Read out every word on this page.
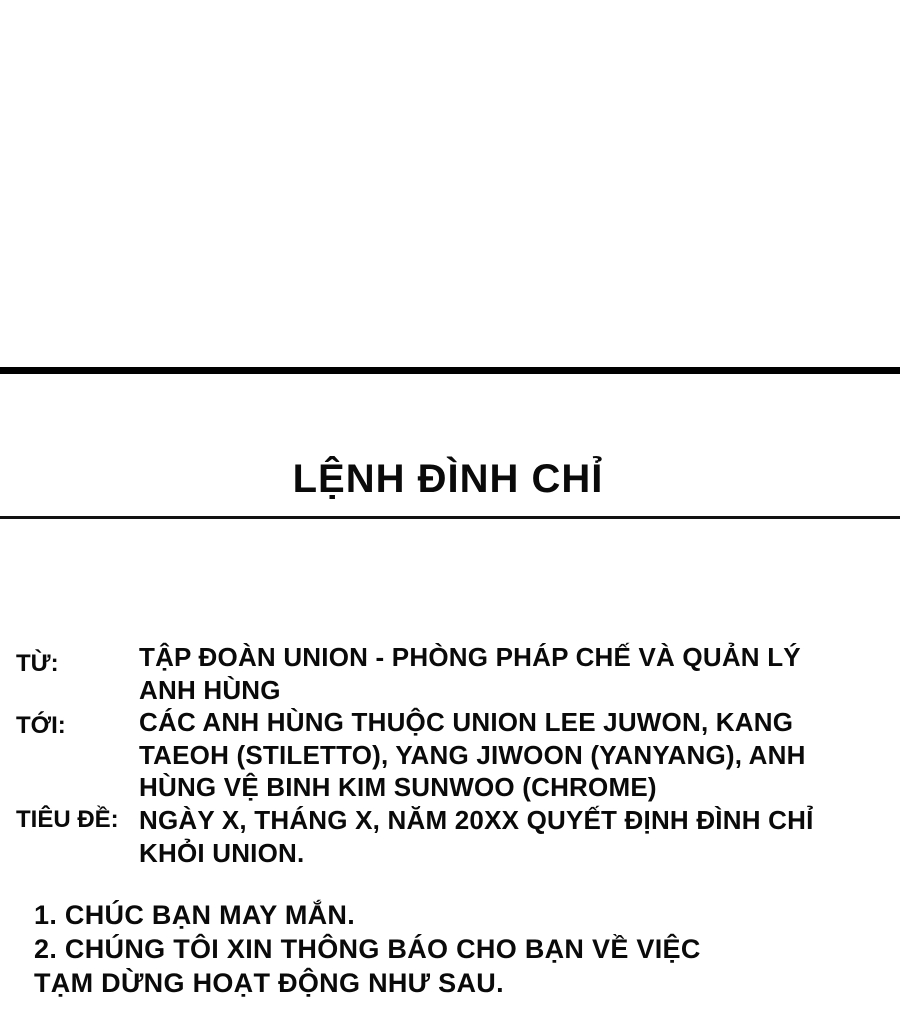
LỆNH ĐÌNH CHỈ
TỪ:	TẬP ĐOÀN UNION - PHÒNG PHÁP CHẾ VÀ QUẢN LÝ
ANH HÙNG
TỚI:	CÁC ANH HÙNG THUỘC UNION LEE JUWON, KANG
TAEOH (STILETTO), YANG JIWOON (YANYANG), ANH
HÙNG VỆ BINH KIM SUNWOO (CHROME)
TIÊU ĐỀ: NGÀY X, THÁNG X, NĂM 20XX QUYẾT ĐỊNH ĐÌNH CHỈ
KHỎI UNION.
1. CHÚC BẠN MAY MẮN.
2. CHÚNG TÔI XIN THÔNG BÁO CHO BẠN VỀ VIỆC
TẠM DỪNG HOẠT ĐỘNG NHƯ SAU.
